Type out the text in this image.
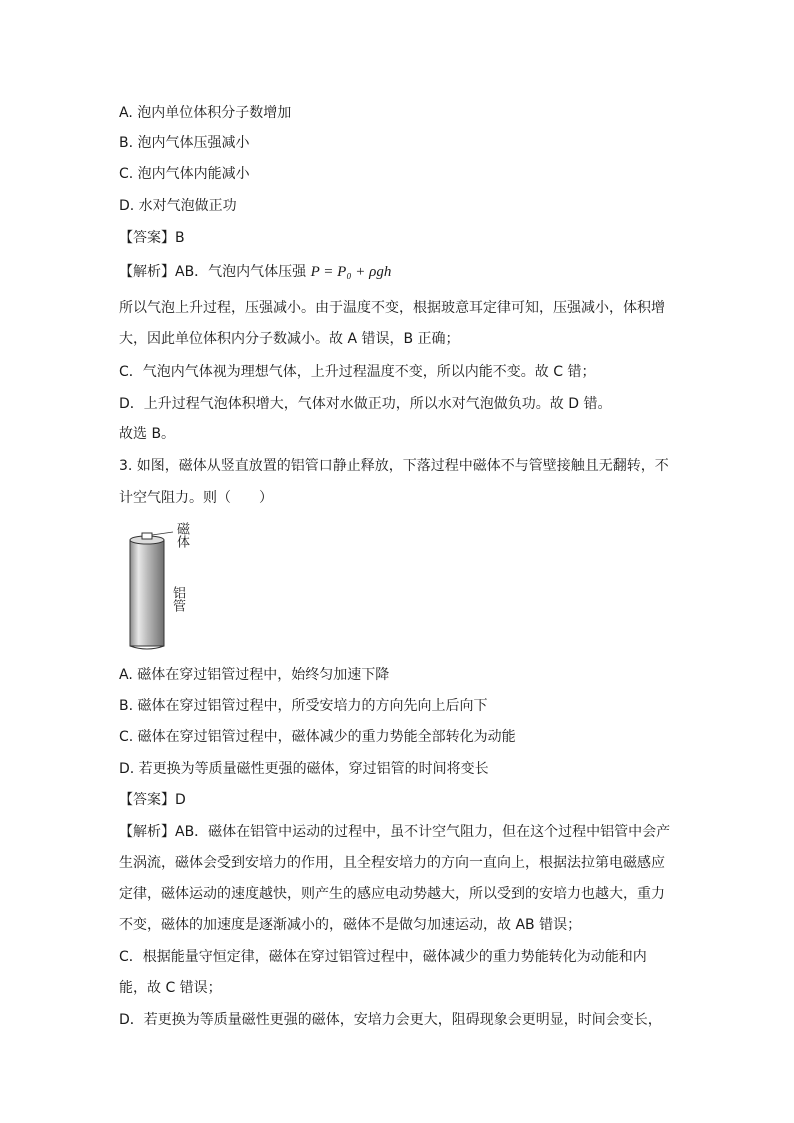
A. 泡内单位体积分子数增加
B. 泡内气体压强减小
C. 泡内气体内能减小
D. 水对气泡做正功
【答案】B
【解析】AB．气泡内气体压强 P = P₀ + ρgh
所以气泡上升过程，压强减小。由于温度不变，根据玻意耳定律可知，压强减小，体积增
大，因此单位体积内分子数减小。故 A 错误，B 正确；
C．气泡内气体视为理想气体，上升过程温度不变，所以内能不变。故 C 错；
D．上升过程气泡体积增大，气体对水做正功，所以水对气泡做负功。故 D 错。
故选 B。
3. 如图，磁体从竖直放置的铝管口静止释放，下落过程中磁体不与管壁接触且无翻转，不
计空气阻力。则（　　）
磁体
铝管
A. 磁体在穿过铝管过程中，始终匀加速下降
B. 磁体在穿过铝管过程中，所受安培力的方向先向上后向下
C. 磁体在穿过铝管过程中，磁体减少的重力势能全部转化为动能
D. 若更换为等质量磁性更强的磁体，穿过铝管的时间将变长
【答案】D
【解析】AB．磁体在铝管中运动的过程中，虽不计空气阻力，但在这个过程中铝管中会产
生涡流，磁体会受到安培力的作用，且全程安培力的方向一直向上，根据法拉第电磁感应
定律，磁体运动的速度越快，则产生的感应电动势越大，所以受到的安培力也越大，重力
不变，磁体的加速度是逐渐减小的，磁体不是做匀加速运动，故 AB 错误；
C．根据能量守恒定律，磁体在穿过铝管过程中，磁体减少的重力势能转化为动能和内
能，故 C 错误；
D．若更换为等质量磁性更强的磁体，安培力会更大，阻碍现象会更明显，时间会变长，
